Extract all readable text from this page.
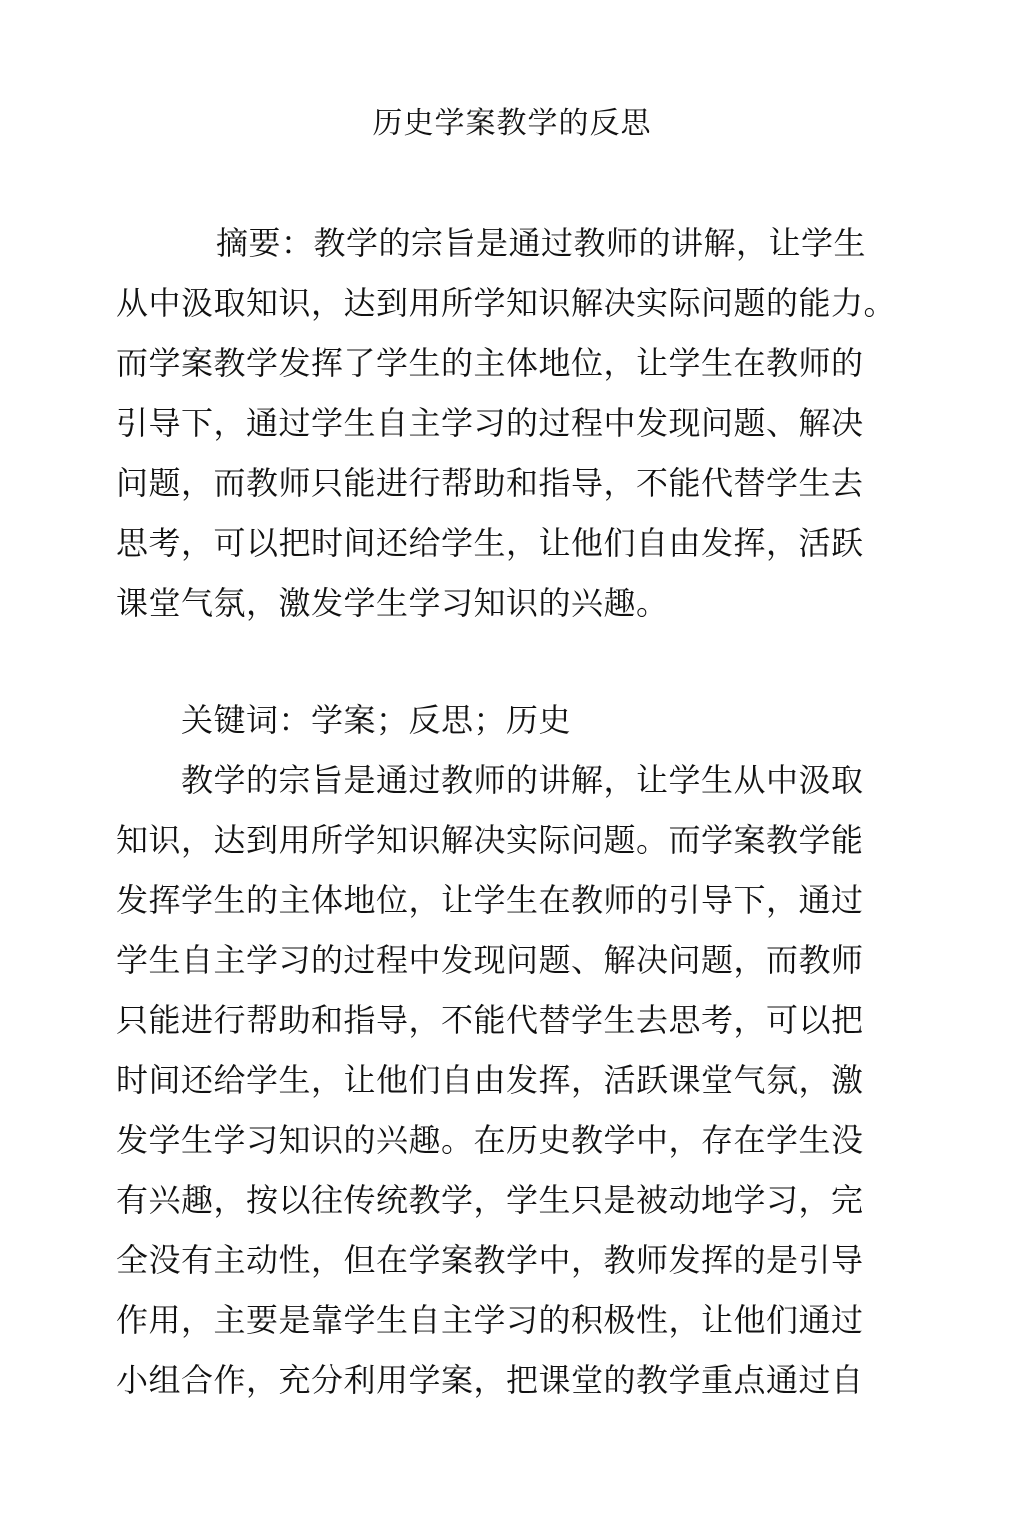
历史学案教学的反思
摘要：教学的宗旨是通过教师的讲解，让学生
从中汲取知识，达到用所学知识解决实际问题的能力。
而学案教学发挥了学生的主体地位，让学生在教师的
引导下，通过学生自主学习的过程中发现问题、解决
问题，而教师只能进行帮助和指导，不能代替学生去
思考，可以把时间还给学生，让他们自由发挥，活跃
课堂气氛，激发学生学习知识的兴趣。
关键词：学案；反思；历史
教学的宗旨是通过教师的讲解，让学生从中汲取
知识，达到用所学知识解决实际问题。而学案教学能
发挥学生的主体地位，让学生在教师的引导下，通过
学生自主学习的过程中发现问题、解决问题，而教师
只能进行帮助和指导，不能代替学生去思考，可以把
时间还给学生，让他们自由发挥，活跃课堂气氛，激
发学生学习知识的兴趣。在历史教学中，存在学生没
有兴趣，按以往传统教学，学生只是被动地学习，完
全没有主动性，但在学案教学中，教师发挥的是引导
作用，主要是靠学生自主学习的积极性，让他们通过
小组合作，充分利用学案，把课堂的教学重点通过自
